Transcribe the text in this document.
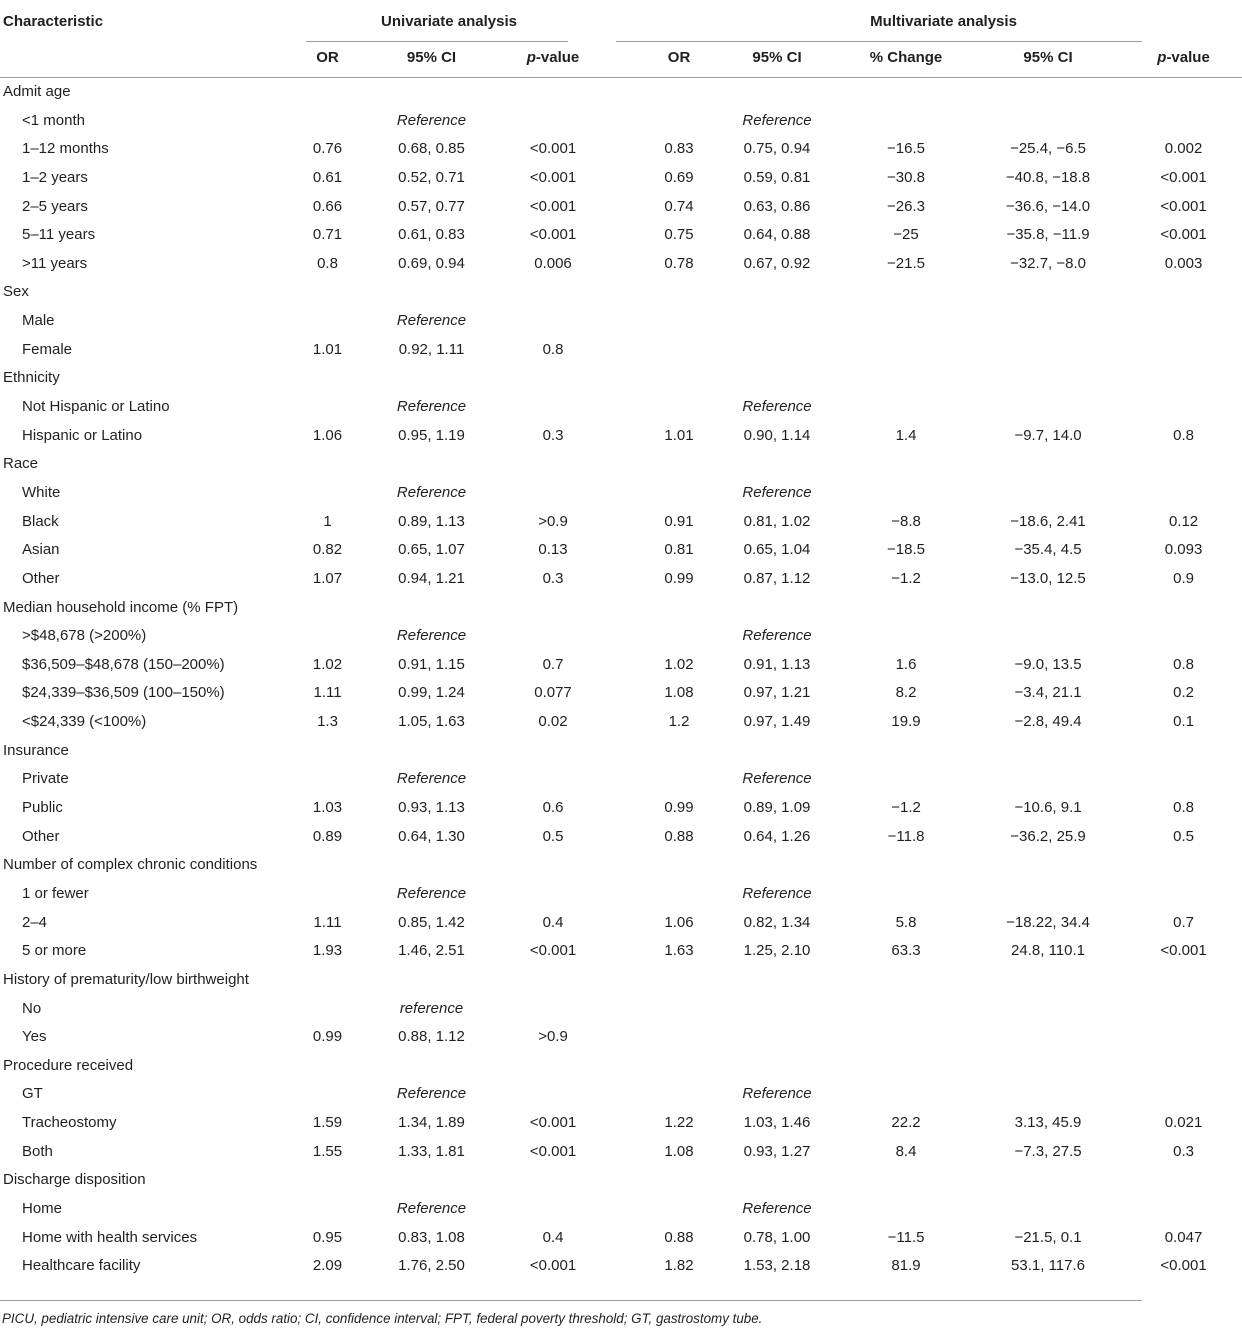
Characteristic	Univariate analysis				Multivariate analysis				
	OR	95% CI	p-value		OR	95% CI	% Change	95% CI	p-value
Admit age									
<1 month		Reference				Reference			
1–12 months	0.76	0.68, 0.85	<0.001		0.83	0.75, 0.94	−16.5	−25.4, −6.5	0.002
1–2 years	0.61	0.52, 0.71	<0.001		0.69	0.59, 0.81	−30.8	−40.8, −18.8	<0.001
2–5 years	0.66	0.57, 0.77	<0.001		0.74	0.63, 0.86	−26.3	−36.6, −14.0	<0.001
5–11 years	0.71	0.61, 0.83	<0.001		0.75	0.64, 0.88	−25	−35.8, −11.9	<0.001
>11 years	0.8	0.69, 0.94	0.006		0.78	0.67, 0.92	−21.5	−32.7, −8.0	0.003
Sex									
Male		Reference							
Female	1.01	0.92, 1.11	0.8						
Ethnicity									
Not Hispanic or Latino		Reference				Reference			
Hispanic or Latino	1.06	0.95, 1.19	0.3		1.01	0.90, 1.14	1.4	−9.7, 14.0	0.8
Race									
White		Reference				Reference			
Black	1	0.89, 1.13	>0.9		0.91	0.81, 1.02	−8.8	−18.6, 2.41	0.12
Asian	0.82	0.65, 1.07	0.13		0.81	0.65, 1.04	−18.5	−35.4, 4.5	0.093
Other	1.07	0.94, 1.21	0.3		0.99	0.87, 1.12	−1.2	−13.0, 12.5	0.9
Median household income (% FPT)									
>$48,678 (>200%)		Reference				Reference			
$36,509–$48,678 (150–200%)	1.02	0.91, 1.15	0.7		1.02	0.91, 1.13	1.6	−9.0, 13.5	0.8
$24,339–$36,509 (100–150%)	1.11	0.99, 1.24	0.077		1.08	0.97, 1.21	8.2	−3.4, 21.1	0.2
<$24,339 (<100%)	1.3	1.05, 1.63	0.02		1.2	0.97, 1.49	19.9	−2.8, 49.4	0.1
Insurance									
Private		Reference				Reference			
Public	1.03	0.93, 1.13	0.6		0.99	0.89, 1.09	−1.2	−10.6, 9.1	0.8
Other	0.89	0.64, 1.30	0.5		0.88	0.64, 1.26	−11.8	−36.2, 25.9	0.5
Number of complex chronic conditions									
1 or fewer		Reference				Reference			
2–4	1.11	0.85, 1.42	0.4		1.06	0.82, 1.34	5.8	−18.22, 34.4	0.7
5 or more	1.93	1.46, 2.51	<0.001		1.63	1.25, 2.10	63.3	24.8, 110.1	<0.001
History of prematurity/low birthweight									
No		reference							
Yes	0.99	0.88, 1.12	>0.9						
Procedure received									
GT		Reference				Reference			
Tracheostomy	1.59	1.34, 1.89	<0.001		1.22	1.03, 1.46	22.2	3.13, 45.9	0.021
Both	1.55	1.33, 1.81	<0.001		1.08	0.93, 1.27	8.4	−7.3, 27.5	0.3
Discharge disposition									
Home		Reference				Reference			
Home with health services	0.95	0.83, 1.08	0.4		0.88	0.78, 1.00	−11.5	−21.5, 0.1	0.047
Healthcare facility	2.09	1.76, 2.50	<0.001		1.82	1.53, 2.18	81.9	53.1, 117.6	<0.001
PICU, pediatric intensive care unit; OR, odds ratio; CI, confidence interval; FPT, federal poverty threshold; GT, gastrostomy tube.
